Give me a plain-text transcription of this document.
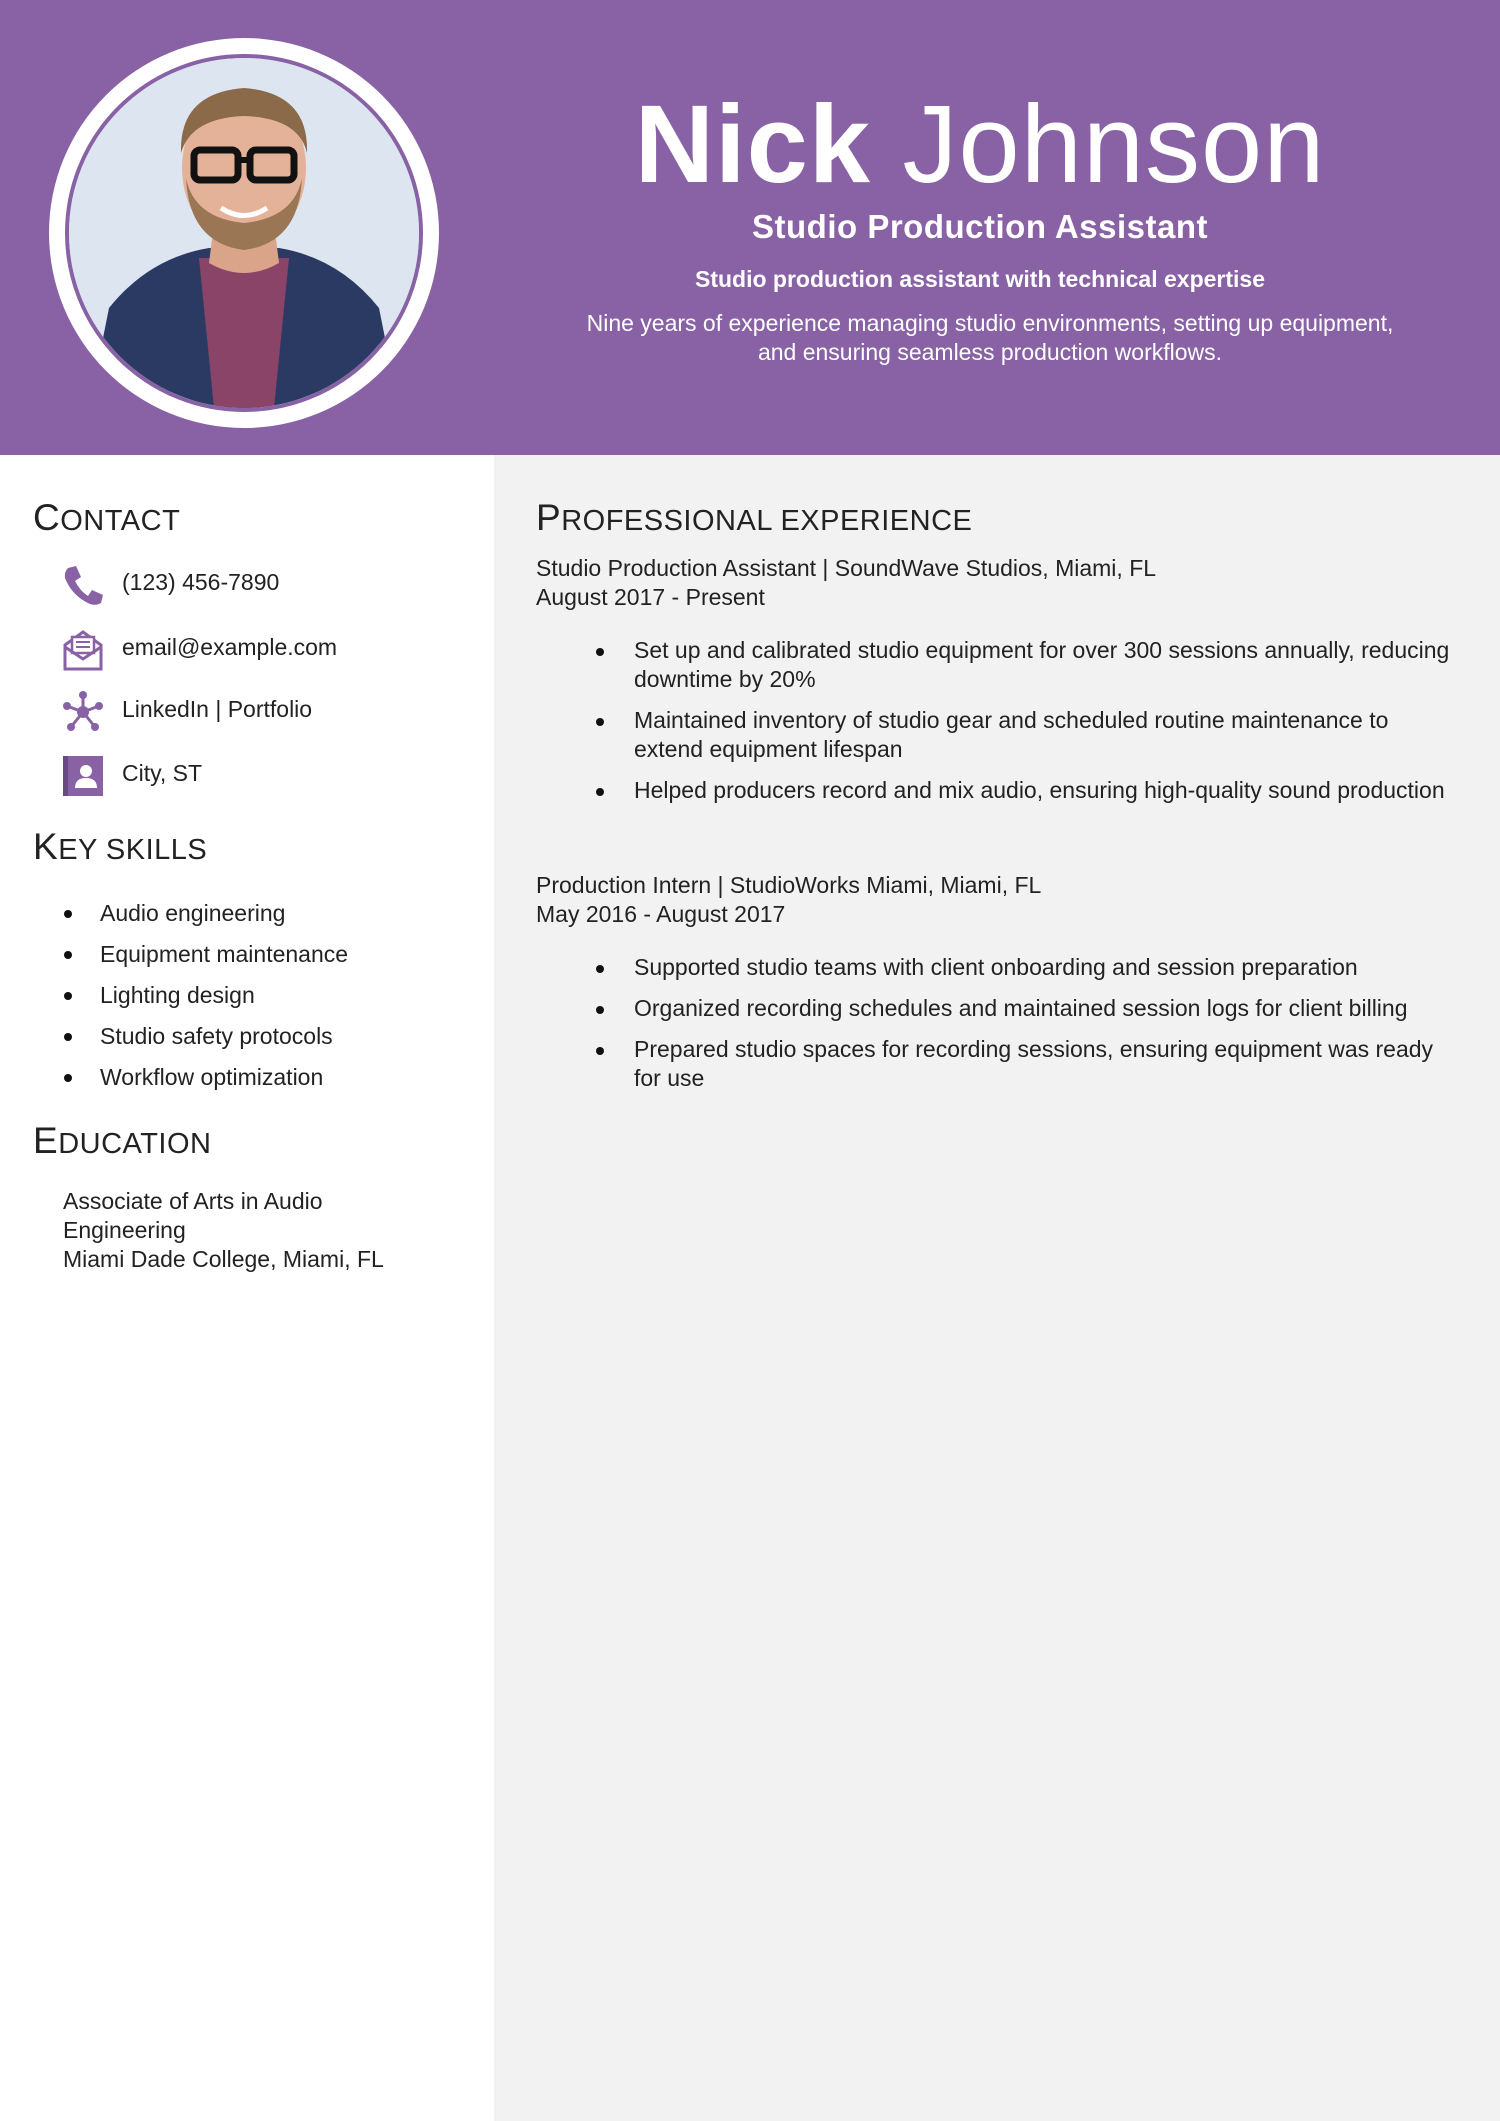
Nick Johnson
Studio Production Assistant
Studio production assistant with technical expertise
Nine years of experience managing studio environments, setting up equipment,
and ensuring seamless production workflows.
CONTACT
(123) 456-7890
email@example.com
LinkedIn | Portfolio
City, ST
KEY SKILLS
Audio engineering
Equipment maintenance
Lighting design
Studio safety protocols
Workflow optimization
EDUCATION
Associate of Arts in Audio
Engineering
Miami Dade College, Miami, FL
PROFESSIONAL EXPERIENCE
Studio Production Assistant | SoundWave Studios, Miami, FL
August 2017 - Present
Set up and calibrated studio equipment for over 300 sessions annually, reducing downtime by 20%
Maintained inventory of studio gear and scheduled routine maintenance to extend equipment lifespan
Helped producers record and mix audio, ensuring high-quality sound production
Production Intern | StudioWorks Miami, Miami, FL
May 2016 - August 2017
Supported studio teams with client onboarding and session preparation
Organized recording schedules and maintained session logs for client billing
Prepared studio spaces for recording sessions, ensuring equipment was ready for use
